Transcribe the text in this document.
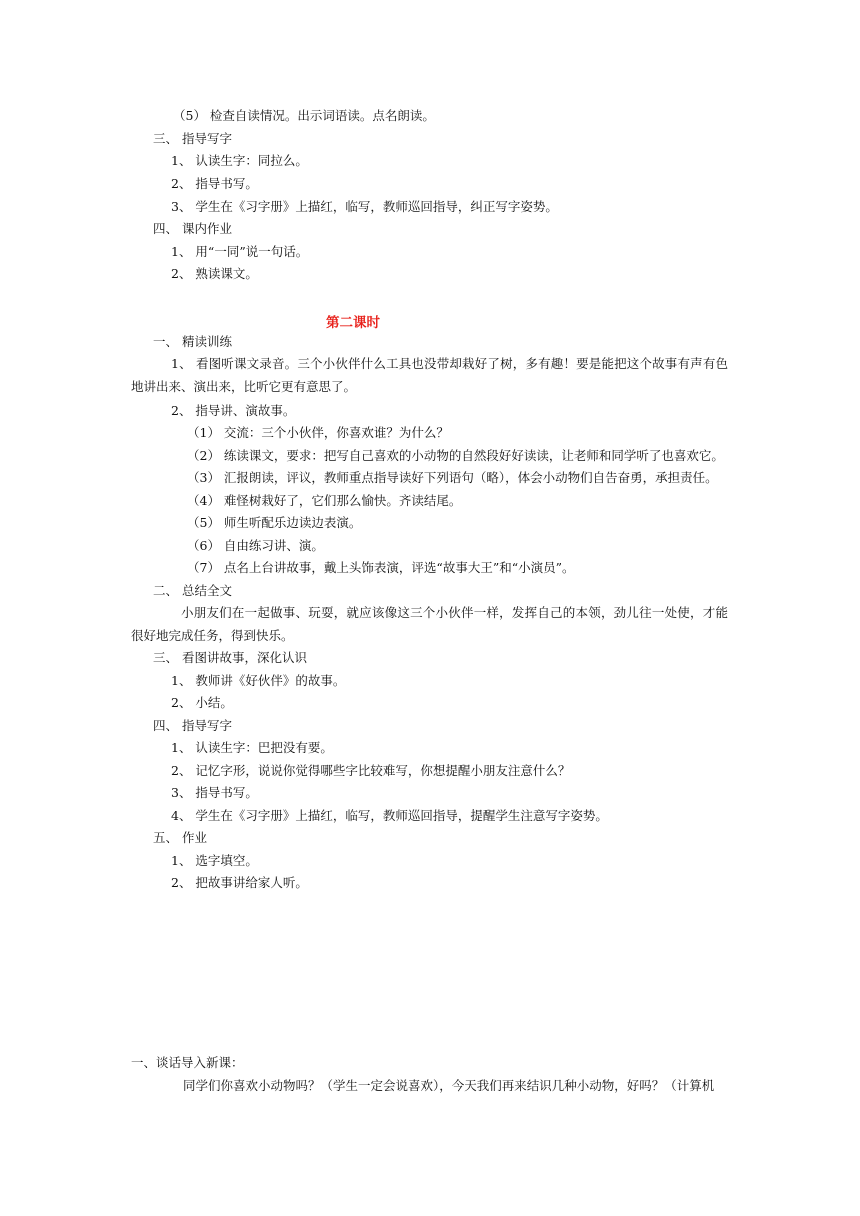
（5） 检查自读情况。出示词语读。点名朗读。
三、 指导写字
1、 认读生字：同拉么。
2、 指导书写。
3、 学生在《习字册》上描红，临写，教师巡回指导，纠正写字姿势。
四、 课内作业
1、 用“一同”说一句话。
2、 熟读课文。
第二课时
一、 精读训练
1、 看图听课文录音。三个小伙伴什么工具也没带却栽好了树，多有趣！要是能把这个故事有声有色地讲出来、演出来，比听它更有意思了。
2、 指导讲、演故事。
（1） 交流：三个小伙伴，你喜欢谁？为什么？
（2） 练读课文，要求：把写自己喜欢的小动物的自然段好好读读，让老师和同学听了也喜欢它。
（3） 汇报朗读，评议，教师重点指导读好下列语句（略），体会小动物们自告奋勇，承担责任。
（4） 难怪树栽好了，它们那么愉快。齐读结尾。
（5） 师生听配乐边读边表演。
（6） 自由练习讲、演。
（7） 点名上台讲故事，戴上头饰表演，评选“故事大王”和“小演员”。
二、 总结全文
小朋友们在一起做事、玩耍，就应该像这三个小伙伴一样，发挥自己的本领，劲儿往一处使，才能很好地完成任务，得到快乐。
三、 看图讲故事，深化认识
1、 教师讲《好伙伴》的故事。
2、 小结。
四、 指导写字
1、 认读生字：巴把没有要。
2、 记忆字形，说说你觉得哪些字比较难写，你想提醒小朋友注意什么？
3、 指导书写。
4、 学生在《习字册》上描红，临写，教师巡回指导，提醒学生注意写字姿势。
五、 作业
1、 选字填空。
2、 把故事讲给家人听。
一、谈话导入新课：
同学们你喜欢小动物吗？（学生一定会说喜欢），今天我们再来结识几种小动物，好吗？（计算机
